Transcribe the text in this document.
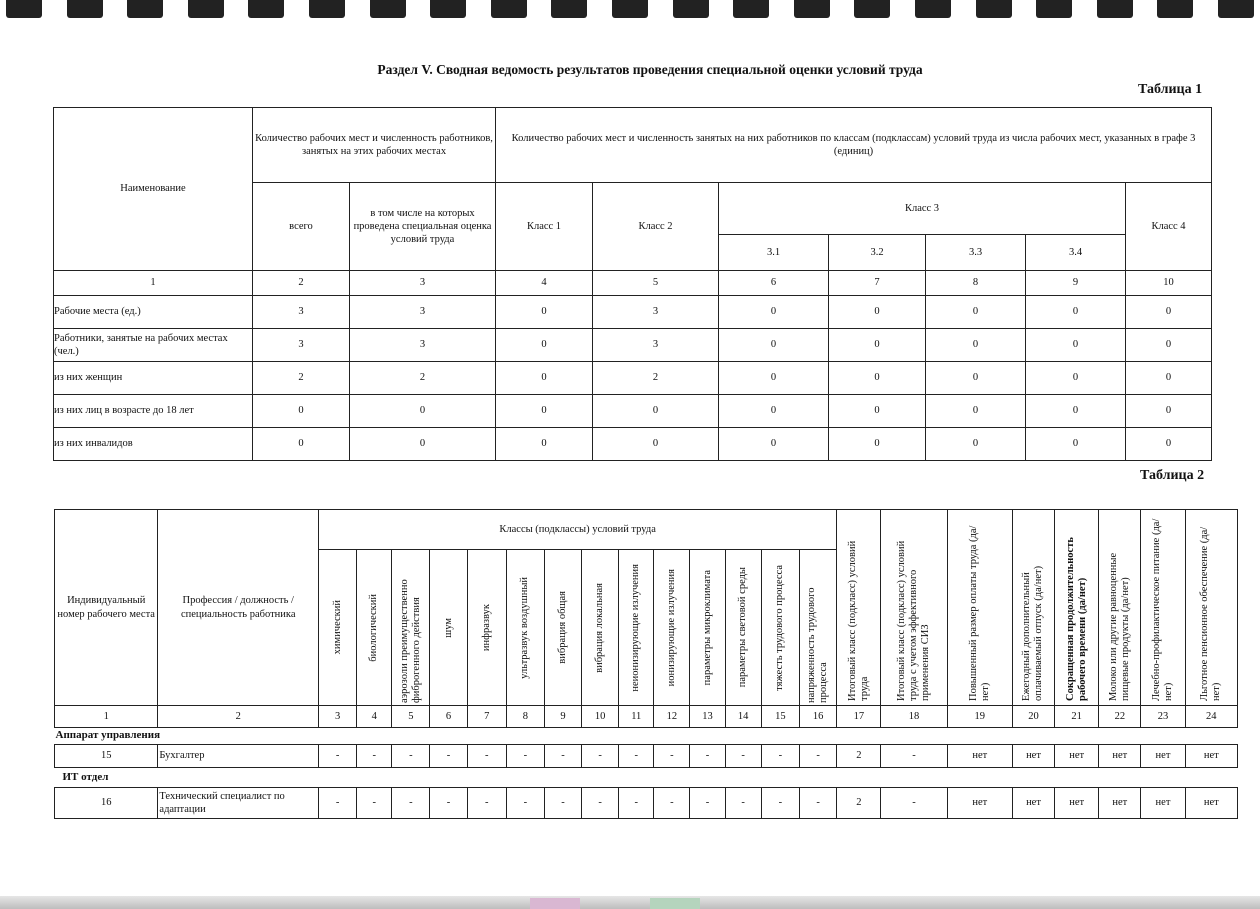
Раздел V. Сводная ведомость результатов проведения специальной оценки условий труда
Таблица 1
Наименование	Количество рабочих мест и численность работников, занятых на этих рабочих местах		Количество рабочих мест и численность занятых на них работников по классам (подклассам) условий труда из числа рабочих мест, указанных в графе 3 (единиц)						
	всего	в том числе на которых проведена специальная оценка условий труда	Класс 1	Класс 2	Класс 3				Класс 4
					3.1	3.2	3.3	3.4	
1	2	3	4	5	6	7	8	9	10
Рабочие места (ед.)	3	3	0	3	0	0	0	0	0
Работники, занятые на рабочих местах (чел.)	3	3	0	3	0	0	0	0	0
из них женщин	2	2	0	2	0	0	0	0	0
из них лиц в возрасте до 18 лет	0	0	0	0	0	0	0	0	0
из них инвалидов	0	0	0	0	0	0	0	0	0
Таблица 2
Индивидуальный номер рабочего места	Профессия / должность / специальность работника	Классы (подклассы) условий труда														Итоговый класс (подкласс) условий труда	Итоговый класс (подкласс) условий труда с учетом эффективного применения СИЗ	Повышенный размер оплаты труда (да/нет)	Ежегодный дополнительный оплачиваемый отпуск (да/нет)	Сокращенная продолжительность рабочего времени (да/нет)	Молоко или другие равноценные пищевые продукты (да/нет)	Лечебно-профилактическое питание (да/нет)	Льготное пенсионное обеспечение (да/нет)

		химический	биологический	аэрозоли преимущественно фиброгенного действия	шум	инфразвук	ультразвук воздушный	вибрация общая	вибрация локальная	неионизирующие излучения	ионизирующие излучения	параметры микроклимата	параметры световой среды	тяжесть трудового процесса	напряженность трудового процесса								

1	2	3	4	5	6	7	8	9	10	11	12	13	14	15	16	17	18	19	20	21	22	23	24
Аппарат управления																							
15	Бухгалтер	-	-	-	-	-	-	-	-	-	-	-	-	-	-	2	-	нет	нет	нет	нет	нет	нет
ИТ отдел																							
16	Технический специалист по адаптации	-	-	-	-	-	-	-	-	-	-	-	-	-	-	2	-	нет	нет	нет	нет	нет	нет
